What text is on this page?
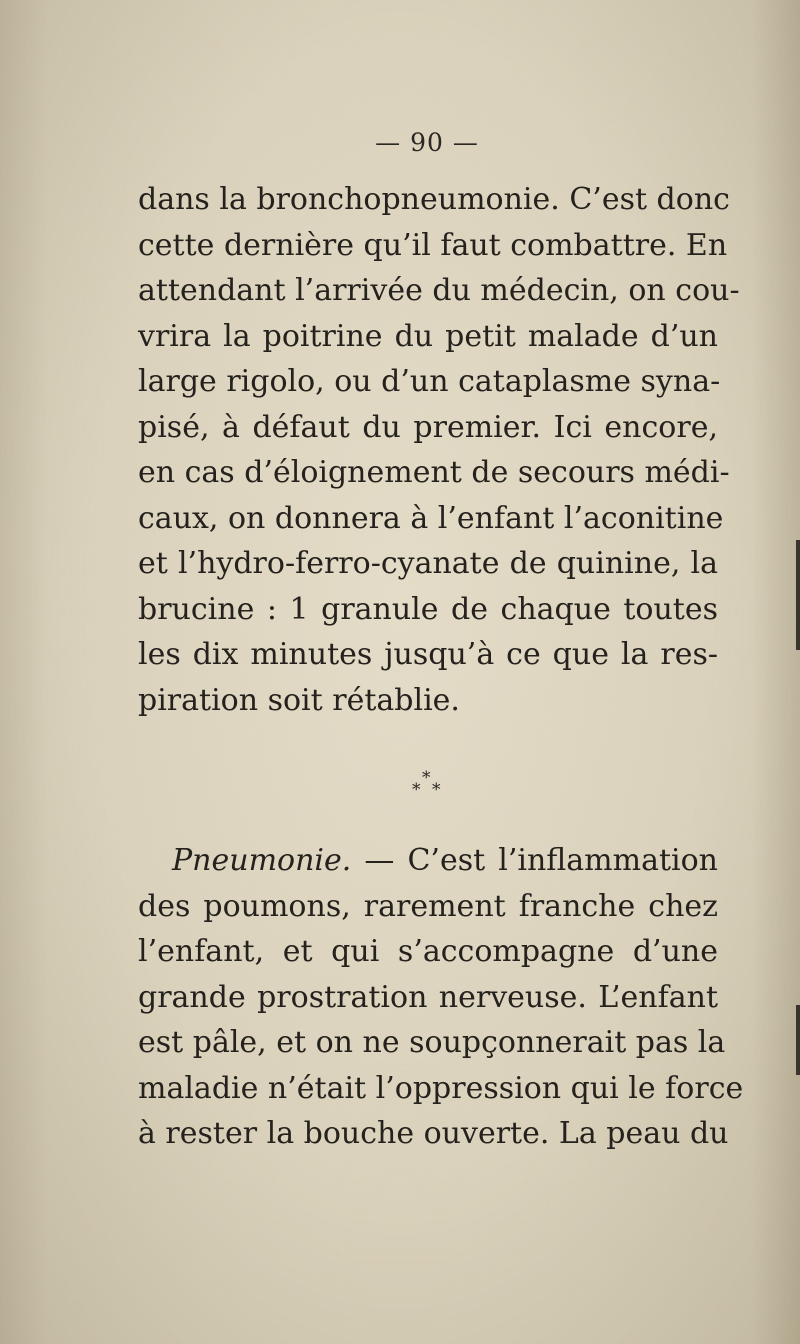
— 90 —
dans la bronchopneumonie. C’est donc
cette dernière qu’il faut combattre. En
attendant l’arrivée du médecin, on cou-
vrira la poitrine du petit malade d’un
large rigolo, ou d’un cataplasme syna-
pisé, à défaut du premier. Ici encore,
en cas d’éloignement de secours médi-
caux, on donnera à l’enfant l’aconitine
et l’hydro-ferro-cyanate de quinine, la
brucine : 1 granule de chaque toutes
les dix minutes jusqu’à ce que la res-
piration soit rétablie.
*
* *
Pneumonie. — C’est l’inflammation
des poumons, rarement franche chez
l’enfant, et qui s’accompagne d’une
grande prostration nerveuse. L’enfant
est pâle, et on ne soupçonnerait pas la
maladie n’était l’oppression qui le force
à rester la bouche ouverte. La peau du
